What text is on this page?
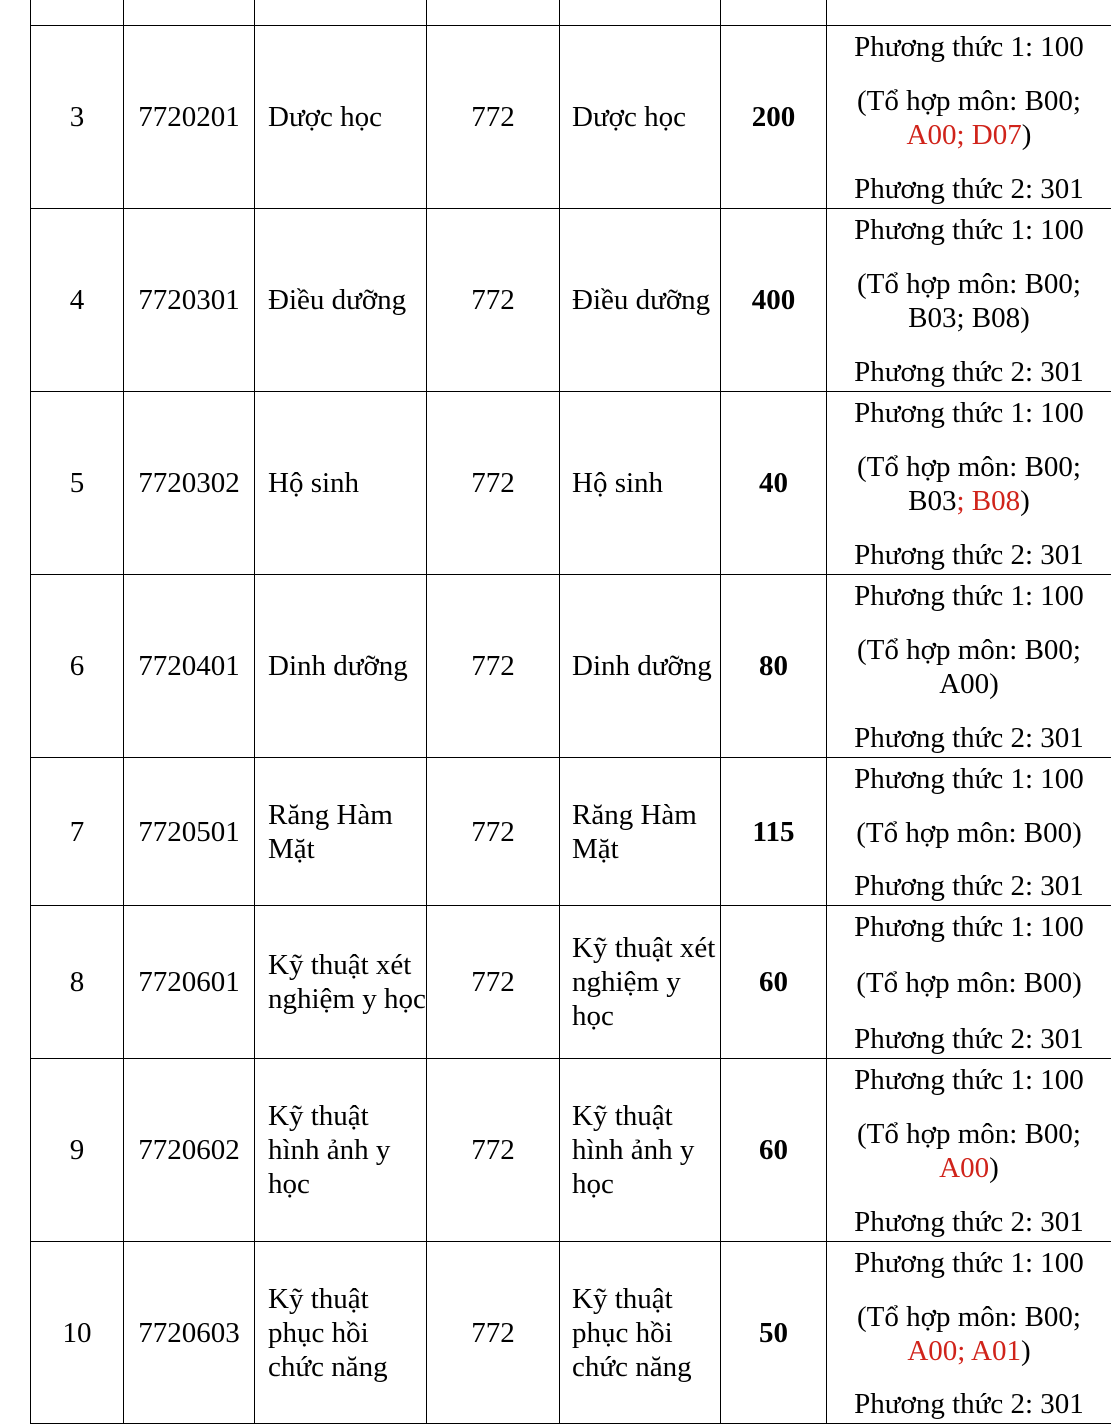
3	7720201	Dược học	772	Dược học	200	Phương thức 1: 100
(Tổ hợp môn: B00;
A00; D07)
Phương thức 2: 301	

4	7720301	Điều dưỡng	772	Điều dưỡng	400	Phương thức 1: 100
(Tổ hợp môn: B00;
B03; B08)
Phương thức 2: 301	

5	7720302	Hộ sinh	772	Hộ sinh	40	Phương thức 1: 100
(Tổ hợp môn: B00;
B03; B08)
Phương thức 2: 301	

6	7720401	Dinh dưỡng	772	Dinh dưỡng	80	Phương thức 1: 100
(Tổ hợp môn: B00;
A00)
Phương thức 2: 301	

7	7720501	Răng Hàm Mặt	772	Răng Hàm Mặt	115	Phương thức 1: 100
(Tổ hợp môn: B00)
Phương thức 2: 301	

8	7720601	Kỹ thuật xét nghiệm y học	772	Kỹ thuật xét nghiệm y học	60	Phương thức 1: 100
(Tổ hợp môn: B00)
Phương thức 2: 301	

9	7720602	Kỹ thuật hình ảnh y học	772	Kỹ thuật hình ảnh y học	60	Phương thức 1: 100
(Tổ hợp môn: B00;
A00)
Phương thức 2: 301	

10	7720603	Kỹ thuật phục hồi chức năng	772	Kỹ thuật phục hồi chức năng	50	Phương thức 1: 100
(Tổ hợp môn: B00;
A00; A01)
Phương thức 2: 301	
